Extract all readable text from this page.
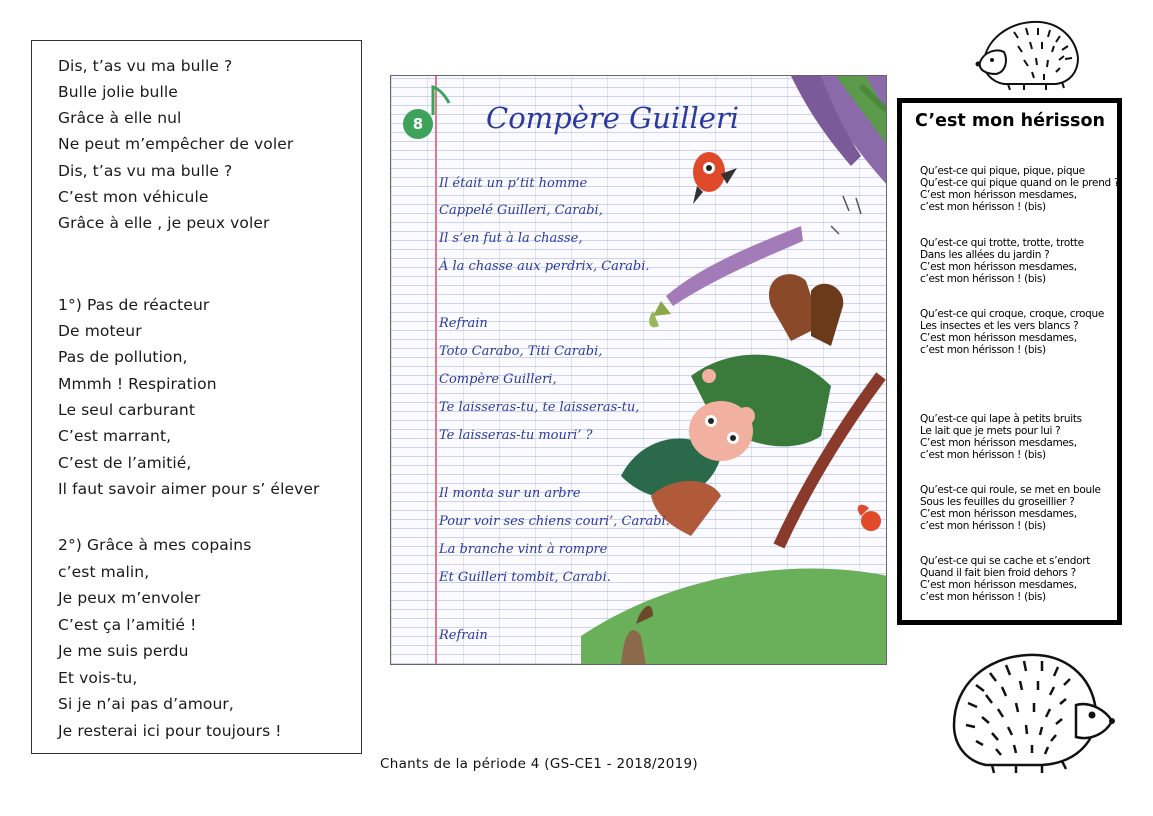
Dis, t’as vu ma bulle ?
Bulle jolie bulle
Grâce à elle nul
Ne peut m’empêcher de voler
Dis, t’as vu ma bulle ?
C’est mon véhicule
Grâce à elle , je peux voler
1°) Pas de réacteur
De moteur
Pas de pollution,
Mmmh ! Respiration
Le seul carburant
C’est marrant,
C’est de l’amitié,
Il faut savoir aimer pour s’ élever
2°) Grâce à mes copains
c’est malin,
Je peux m’envoler
C’est ça l’amitié !
Je me suis perdu
Et vois-tu,
Si je n’ai pas d’amour,
Je resterai ici pour toujours !
8	Compère Guilleri
Il était un p’tit homme
Cappelé Guilleri, Carabi,
Il s’en fut à la chasse,
À la chasse aux perdrix, Carabi.
Refrain
Toto Carabo, Titi Carabi,
Compère Guilleri,
Te laisseras-tu, te laisseras-tu,
Te laisseras-tu mouri’ ?
Il monta sur un arbre
Pour voir ses chiens couri’, Carabi.
La branche vint à rompre
Et Guilleri tombit, Carabi.
Refrain
C’est mon hérisson
Qu’est-ce qui pique, pique, pique
Qu’est-ce qui pique quand on le prend ?
C’est mon hérisson mesdames,
c’est mon hérisson ! (bis)
Qu’est-ce qui trotte, trotte, trotte
Dans les allées du jardin ?
C’est mon hérisson mesdames,
c’est mon hérisson ! (bis)
Qu’est-ce qui croque, croque, croque
Les insectes et les vers blancs ?
C’est mon hérisson mesdames,
c’est mon hérisson ! (bis)
Qu’est-ce qui lape à petits bruits
Le lait que je mets pour lui ?
C’est mon hérisson mesdames,
c’est mon hérisson ! (bis)
Qu’est-ce qui roule, se met en boule
Sous les feuilles du groseillier ?
C’est mon hérisson mesdames,
c’est mon hérisson ! (bis)
Qu’est-ce qui se cache et s’endort
Quand il fait bien froid dehors ?
C’est mon hérisson mesdames,
c’est mon hérisson ! (bis)
Chants de la période 4 (GS-CE1 - 2018/2019)
